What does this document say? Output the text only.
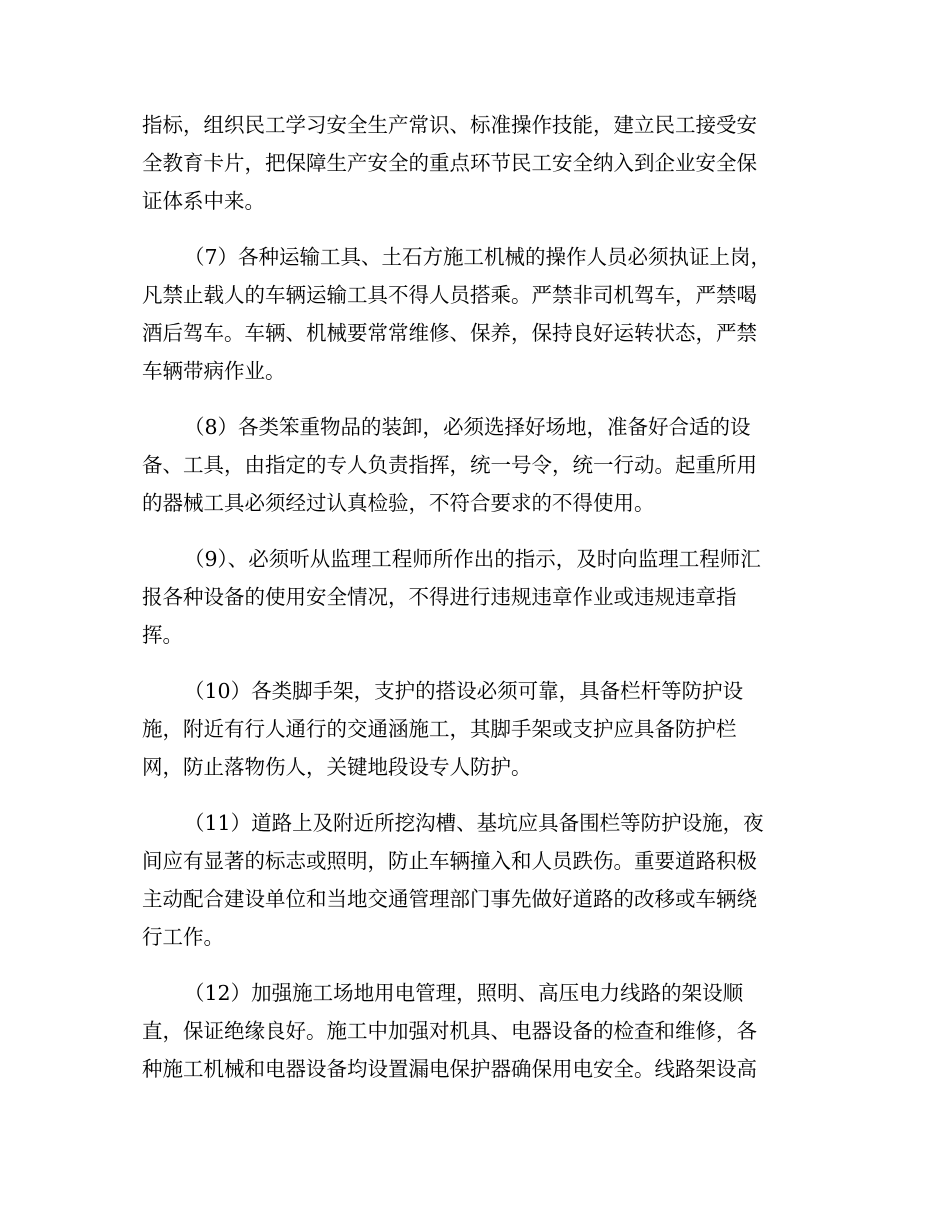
指标，组织民工学习安全生产常识、标准操作技能，建立民工接受安
全教育卡片，把保障生产安全的重点环节民工安全纳入到企业安全保
证体系中来。
（7）各种运输工具、土石方施工机械的操作人员必须执证上岗，
凡禁止载人的车辆运输工具不得人员搭乘。严禁非司机驾车，严禁喝
酒后驾车。车辆、机械要常常维修、保养，保持良好运转状态，严禁
车辆带病作业。
（8）各类笨重物品的装卸，必须选择好场地，准备好合适的设
备、工具，由指定的专人负责指挥，统一号令，统一行动。起重所用
的器械工具必须经过认真检验，不符合要求的不得使用。
（9）、必须听从监理工程师所作出的指示，及时向监理工程师汇
报各种设备的使用安全情况，不得进行违规违章作业或违规违章指
挥。
（10）各类脚手架，支护的搭设必须可靠，具备栏杆等防护设
施，附近有行人通行的交通涵施工，其脚手架或支护应具备防护栏
网，防止落物伤人，关键地段设专人防护。
（11）道路上及附近所挖沟槽、基坑应具备围栏等防护设施，夜
间应有显著的标志或照明，防止车辆撞入和人员跌伤。重要道路积极
主动配合建设单位和当地交通管理部门事先做好道路的改移或车辆绕
行工作。
（12）加强施工场地用电管理，照明、高压电力线路的架设顺
直，保证绝缘良好。施工中加强对机具、电器设备的检查和维修，各
种施工机械和电器设备均设置漏电保护器确保用电安全。线路架设高
